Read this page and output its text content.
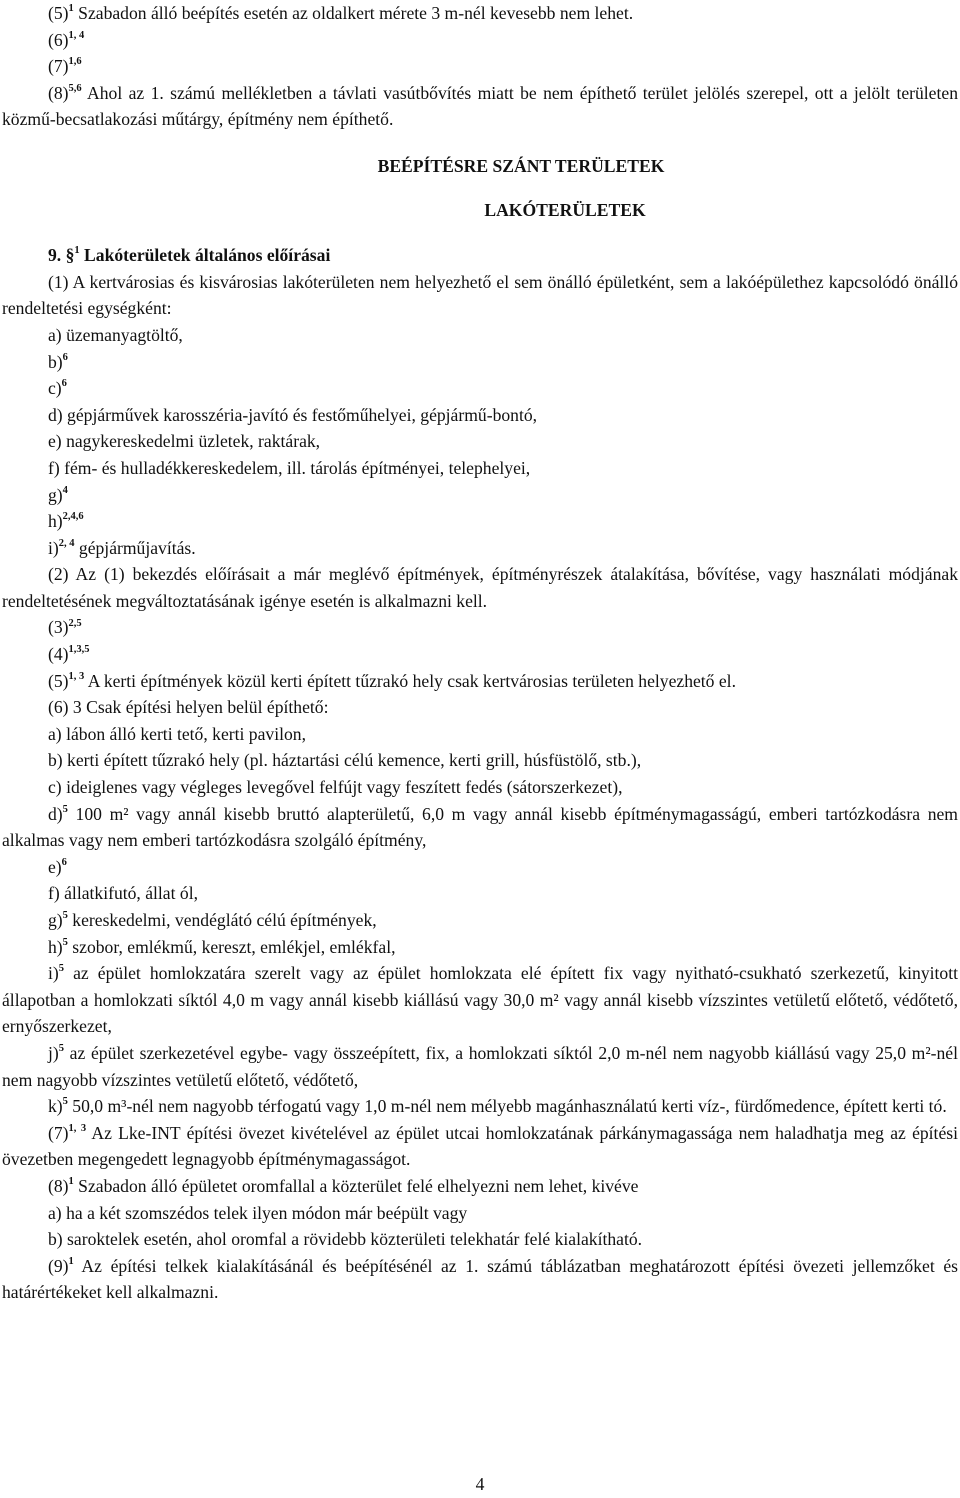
$(5)^1$ Szabadon álló beépítés esetén az oldalkert mérete 3 m-nél kevesebb nem lehet.
$(6)^{1, 4}$
$(7)^{1,6}$
$(8)^{5,6}$ Ahol az 1. számú mellékletben a távlati vasútbővítés miatt be nem építhető terület jelölés szerepel, ott a jelölt területen közmű-becsatlakozási műtárgy, építmény nem építhető.
BEÉPÍTÉSRE SZÁNT TERÜLETEK
LAKÓTERÜLETEK
9. §$^1$ Lakóterületek általános előírásai
(1) A kertvárosias és kisvárosias lakóterületen nem helyezhető el sem önálló épületként, sem a lakóépülethez kapcsolódó önálló rendeltetési egységként:
a) üzemanyagtöltő,
b)$^6$
c)$^6$
d) gépjárművek karosszéria-javító és festőműhelyei, gépjármű-bontó,
e) nagykereskedelmi üzletek, raktárak,
f) fém- és hulladékkereskedelem, ill. tárolás építményei, telephelyei,
g)$^4$
h)$^{2,4,6}$
i)$^{2, 4}$ gépjárműjavítás.
(2) Az (1) bekezdés előírásait a már meglévő építmények, építményrészek átalakítása, bővítése, vagy használati módjának rendeltetésének megváltoztatásának igénye esetén is alkalmazni kell.
$(3)^{2,5}$
$(4)^{1,3,5}$
$(5)^{1, 3}$ A kerti építmények közül kerti épített tűzrakó hely csak kertvárosias területen helyezhető el.
(6) 3 Csak építési helyen belül építhető:
a) lábon álló kerti tető, kerti pavilon,
b) kerti épített tűzrakó hely (pl. háztartási célú kemence, kerti grill, húsfüstölő, stb.),
c) ideiglenes vagy végleges levegővel felfújt vagy feszített fedés (sátorszerkezet),
d)$^5$ 100 m² vagy annál kisebb bruttó alapterületű, 6,0 m vagy annál kisebb építménymagasságú, emberi tartózkodásra nem alkalmas vagy nem emberi tartózkodásra szolgáló építmény,
e)$^6$
f) állatkifutó, állat ól,
g)$^5$ kereskedelmi, vendéglátó célú építmények,
h)$^5$ szobor, emlékmű, kereszt, emlékjel, emlékfal,
i)$^5$ az épület homlokzatára szerelt vagy az épület homlokzata elé épített fix vagy nyitható-csukható szerkezetű, kinyitott állapotban a homlokzati síktól 4,0 m vagy annál kisebb kiállású vagy 30,0 m² vagy annál kisebb vízszintes vetületű előtető, védőtető, ernyőszerkezet,
j)$^5$ az épület szerkezetével egybe- vagy összeépített, fix, a homlokzati síktól 2,0 m-nél nem nagyobb kiállású vagy 25,0 m²-nél nem nagyobb vízszintes vetületű előtető, védőtető,
k)$^5$ 50,0 m³-nél nem nagyobb térfogatú vagy 1,0 m-nél nem mélyebb magánhasználatú kerti víz-, fürdőmedence, épített kerti tó.
$(7)^{1, 3}$ Az Lke-INT építési övezet kivételével az épület utcai homlokzatának párkánymagassága nem haladhatja meg az építési övezetben megengedett legnagyobb építménymagasságot.
$(8)^1$ Szabadon álló épületet oromfallal a közterület felé elhelyezni nem lehet, kivéve
a) ha a két szomszédos telek ilyen módon már beépült vagy
b) saroktelek esetén, ahol oromfal a rövidebb közterületi telekhatár felé kialakítható.
$(9)^1$ Az építési telkek kialakításánál és beépítésénél az 1. számú táblázatban meghatározott építési övezeti jellemzőket és határértékeket kell alkalmazni.
4
